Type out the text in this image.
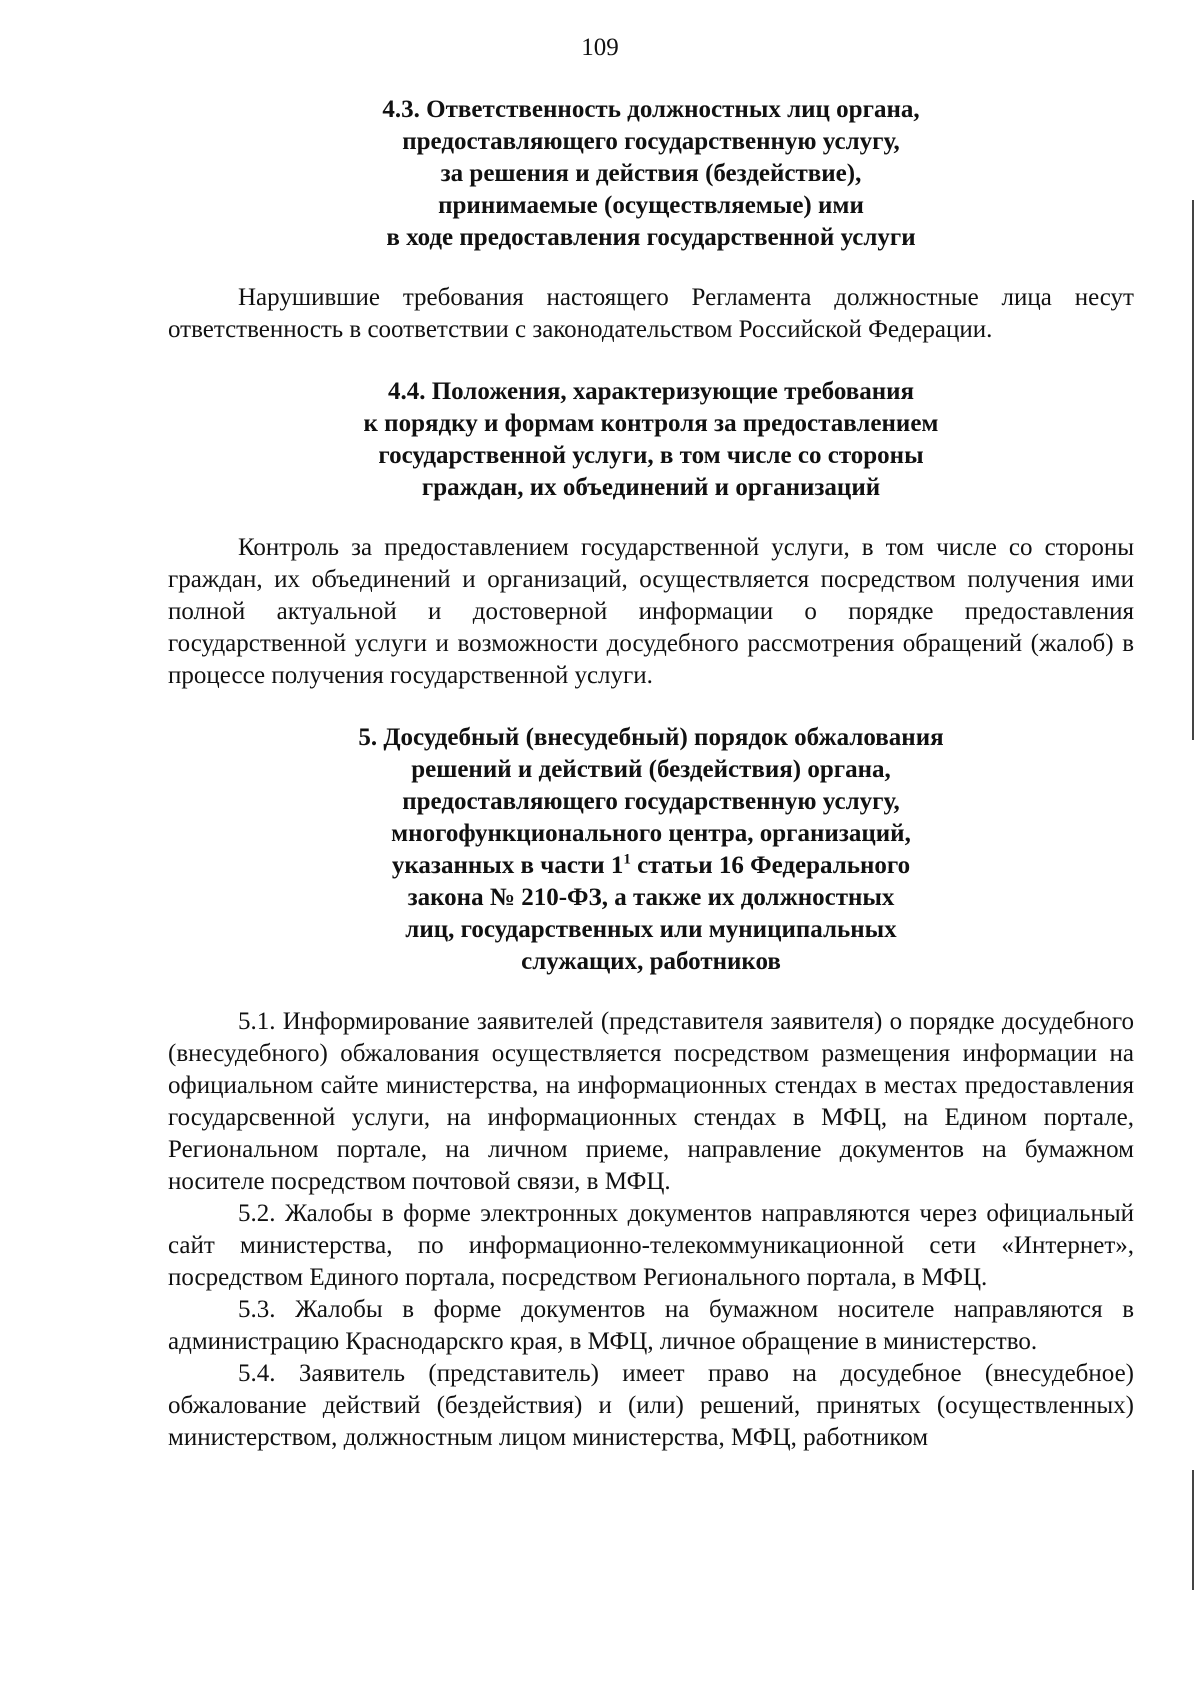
109
4.3. Ответственность должностных лиц органа,
предоставляющего государственную услугу,
за решения и действия (бездействие),
принимаемые (осуществляемые) ими
в ходе предоставления государственной услуги

Нарушившие требования настоящего Регламента должностные лица несут ответственность в соответствии с законодательством Российской Федерации.

4.4. Положения, характеризующие требования
к порядку и формам контроля за предоставлением
государственной услуги, в том числе со стороны
граждан, их объединений и организаций

Контроль за предоставлением государственной услуги, в том числе со стороны граждан, их объединений и организаций, осуществляется посредством получения ими полной актуальной и достоверной информации о порядке предоставления государственной услуги и возможности досудебного рассмотрения обращений (жалоб) в процессе получения государственной услуги.

5. Досудебный (внесудебный) порядок обжалования
решений и действий (бездействия) органа,
предоставляющего государственную услугу,
многофункционального центра, организаций,
указанных в части $1^1$ статьи 16 Федерального
закона № 210-ФЗ, а также их должностных
лиц, государственных или муниципальных
служащих, работников

5.1. Информирование заявителей (представителя заявителя) о порядке досудебного (внесудебного) обжалования осуществляется посредством размещения информации на официальном сайте министерства, на информационных стендах в местах предоставления государсвенной услуги, на информационных стендах в МФЦ, на Едином портале, Региональном портале, на личном приеме, направление документов на бумажном носителе посредством почтовой связи, в МФЦ.

5.2. Жалобы в форме электронных документов направляются через официальный сайт министерства, по информационно-телекоммуникационной сети «Интернет», посредством Единого портала, посредством Регионального портала, в МФЦ.

5.3. Жалобы в форме документов на бумажном носителе направляются в администрацию Краснодарскго края, в МФЦ, личное обращение в министерство.

5.4. Заявитель (представитель) имеет право на досудебное (внесудебное) обжалование действий (бездействия) и (или) решений, принятых (осуществленных) министерством, должностным лицом министерства, МФЦ, работником
